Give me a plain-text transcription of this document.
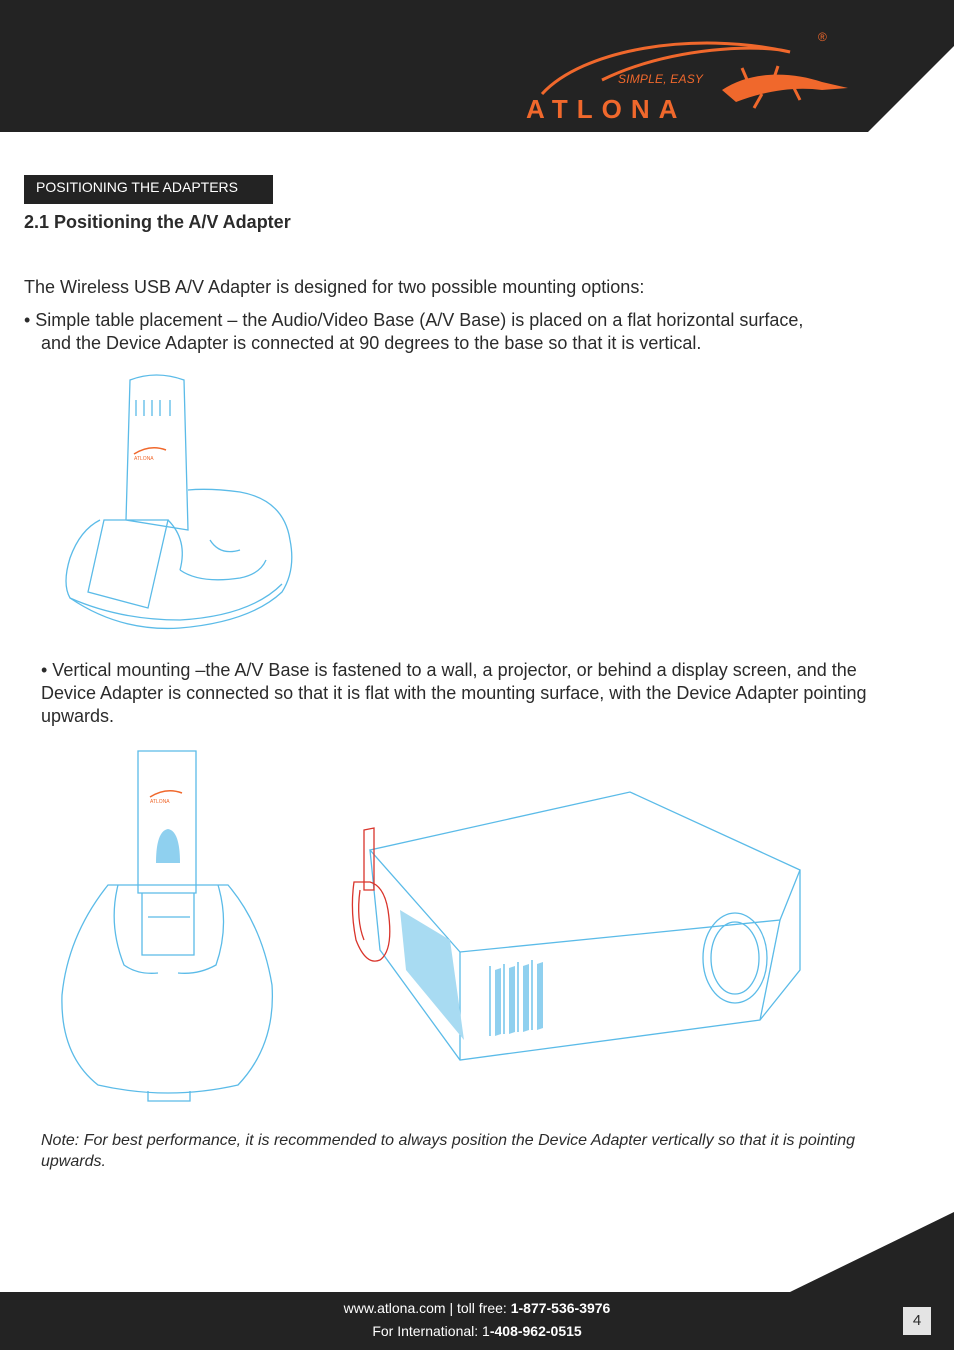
SIMPLE, EASY
ATLONA
®
POSITIONING THE ADAPTERS
2.1 Positioning the A/V Adapter

The Wireless USB A/V Adapter is designed for two possible mounting options:

• Simple table placement – the Audio/Video Base (A/V Base) is placed on a flat horizontal surface,
and the Device Adapter is connected at 90 degrees to the base so that it is vertical.

ATLONA

• Vertical mounting –the A/V Base is fastened to a wall, a projector, or behind a display screen, and the Device Adapter is connected so that it is flat with the mounting surface, with the Device Adapter pointing upwards.

ATLONA

Note: For best performance, it is recommended to always position the Device Adapter vertically so that it is pointing upwards.

www.atlona.com | toll free: 1-877-536-3976
For International: 1-408-962-0515
4
